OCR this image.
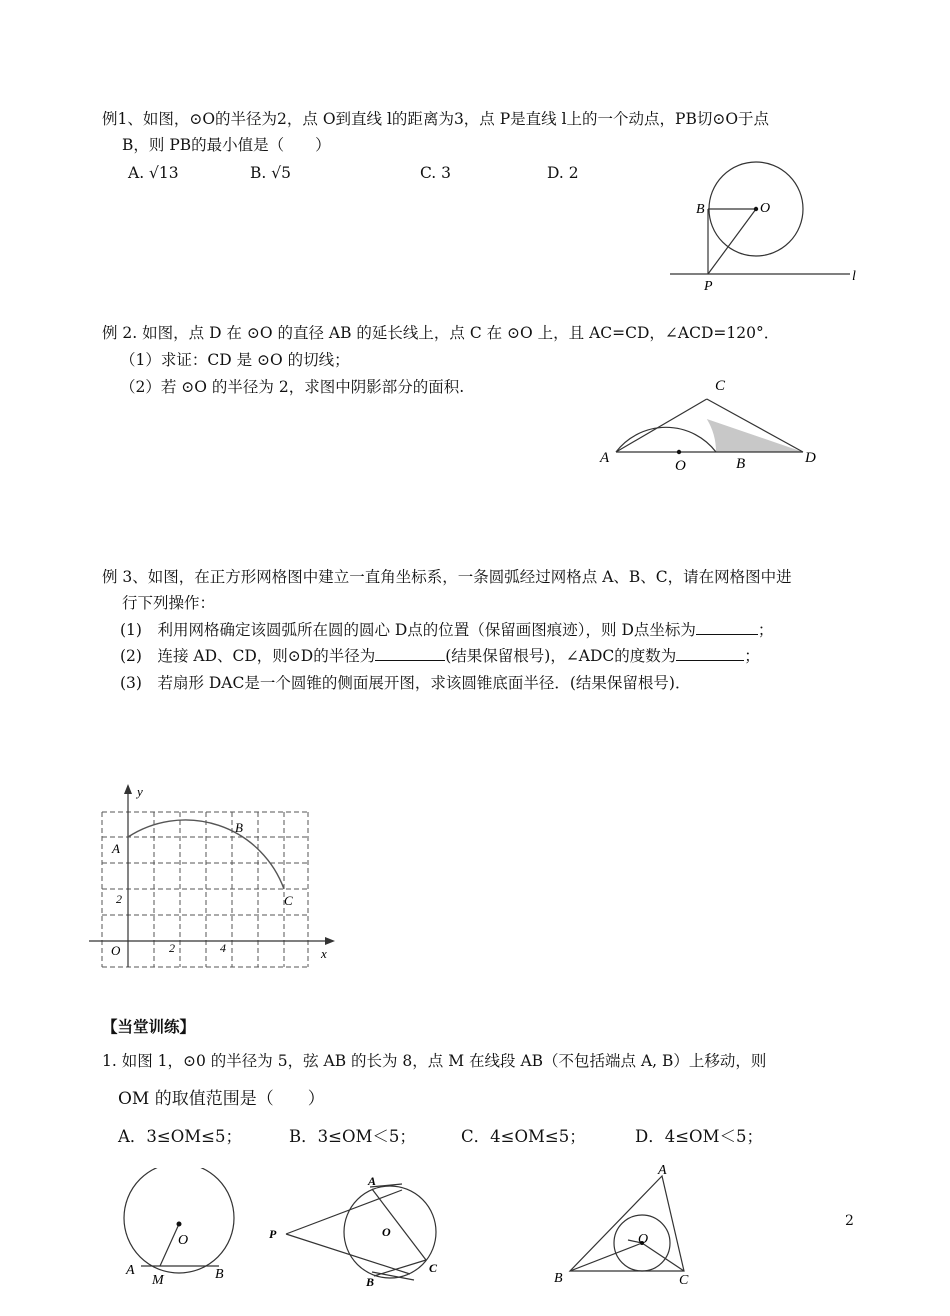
例1、如图，⊙O的半径为2，点 O到直线 l的距离为3，点 P是直线 l上的一个动点，PB切⊙O于点
B，则 PB的最小值是（　　）
A. √13	B. √5	C. 3	D. 2
B	O
P
l
例 2. 如图，点 D 在 ⊙O 的直径 AB 的延长线上，点 C 在 ⊙O 上，且 AC=CD，∠ACD=120°．
（1）求证：CD 是 ⊙O 的切线；
（2）若 ⊙O 的半径为 2，求图中阴影部分的面积.
A	O	B
C
D
例 3、如图，在正方形网格图中建立一直角坐标系，一条圆弧经过网格点 A、B、C，请在网格图中进
行下列操作：
(1)　利用网格确定该圆弧所在圆的圆心 D点的位置（保留画图痕迹），则 D点坐标为	；
(2)　连接 AD、CD，则⊙D的半径为	(结果保留根号)，∠ADC的度数为	；
(3)　若扇形 DAC是一个圆锥的侧面展开图，求该圆锥底面半径．(结果保留根号)．
y
x
A
B
C
O	2	4
2
【当堂训练】
1. 如图 1，⊙0 的半径为 5，弦 AB 的长为 8，点 M 在线段 AB（不包括端点 A, B）上移动，则
OM 的取值范围是（　　）
A．3≤OM≤5；	B．3≤OM＜5；	C．4≤OM≤5；	D．4≤OM＜5；
O
A
M	B
P
A
O
B
C
A
O
B	C
2
